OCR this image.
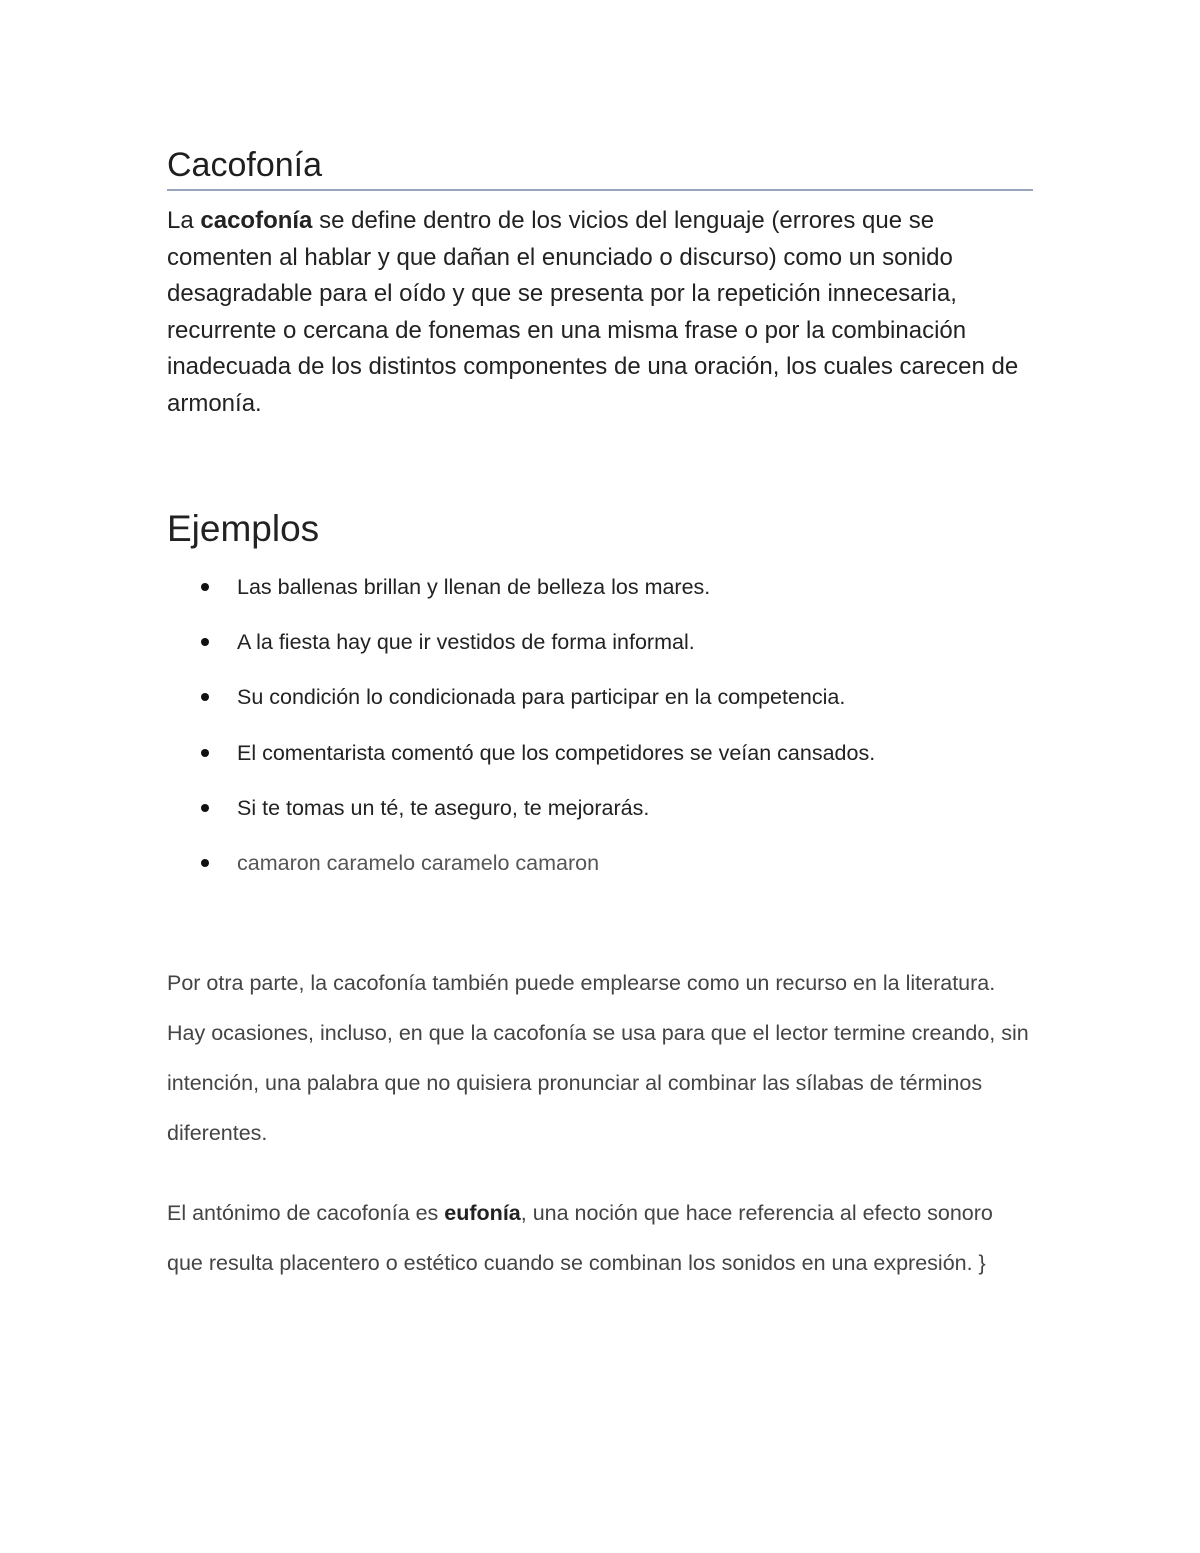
Cacofonía

La cacofonía se define dentro de los vicios del lenguaje (errores que se comenten al hablar y que dañan el enunciado o discurso) como un sonido desagradable para el oído y que se presenta por la repetición innecesaria, recurrente o cercana de fonemas en una misma frase o por la combinación inadecuada de los distintos componentes de una oración, los cuales carecen de armonía.

Ejemplos
Las ballenas brillan y llenan de belleza los mares.
A la fiesta hay que ir vestidos de forma informal.
Su condición lo condicionada para participar en la competencia.
El comentarista comentó que los competidores se veían cansados.
Si te tomas un té, te aseguro, te mejorarás.
camaron caramelo caramelo camaron

Por otra parte, la cacofonía también puede emplearse como un recurso en la literatura. Hay ocasiones, incluso, en que la cacofonía se usa para que el lector termine creando, sin intención, una palabra que no quisiera pronunciar al combinar las sílabas de términos diferentes.

El antónimo de cacofonía es eufonía, una noción que hace referencia al efecto sonoro que resulta placentero o estético cuando se combinan los sonidos en una expresión. }
